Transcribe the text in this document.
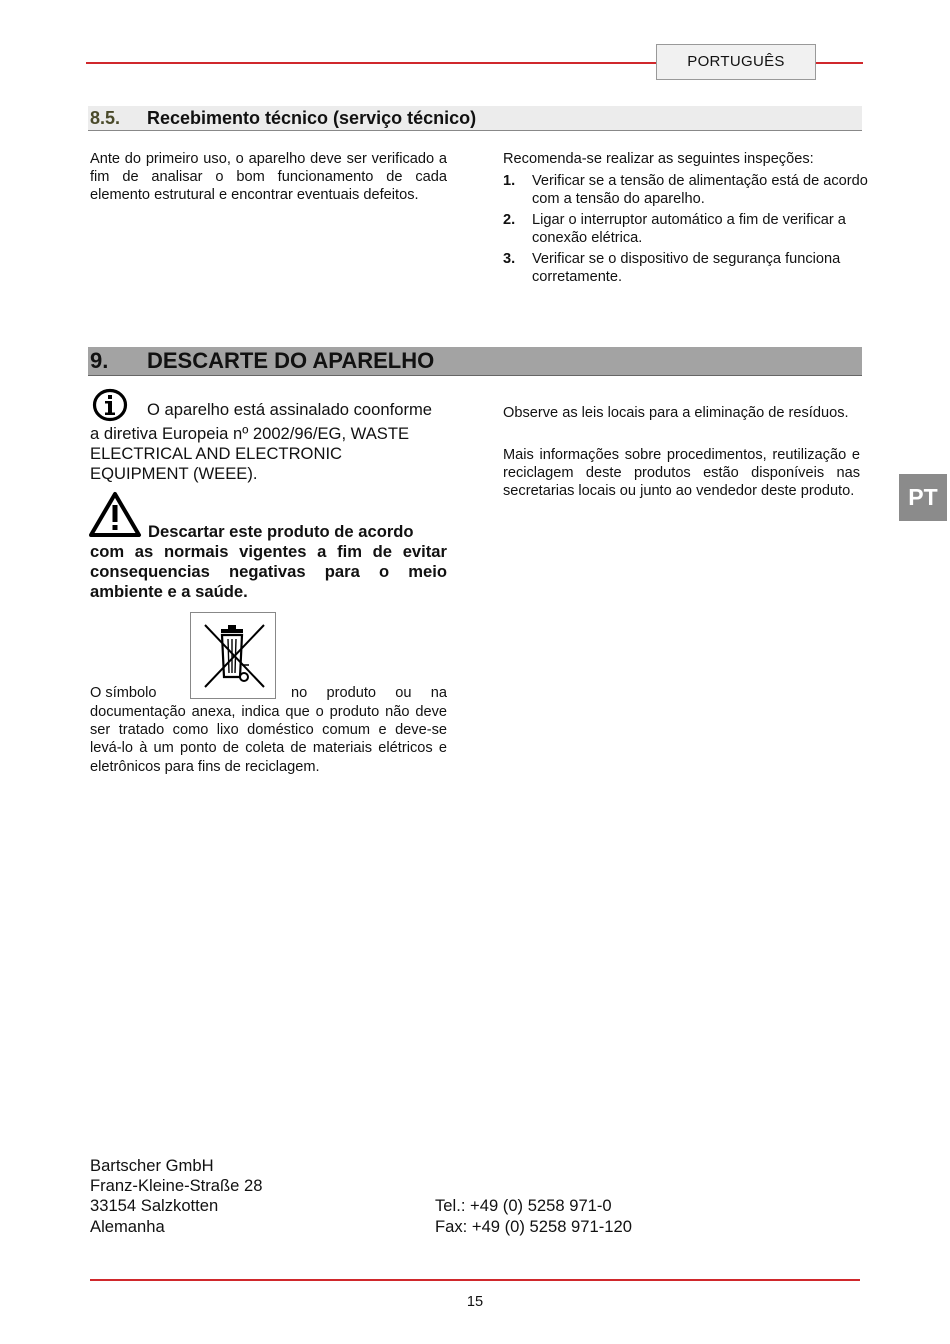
PORTUGUÊS
8.5. Recebimento técnico (serviço técnico)
Ante do primeiro uso, o aparelho deve ser verificado a fim de analisar o bom funcionamento de cada elemento estrutural e encontrar eventuais defeitos.
Recomenda-se realizar as seguintes inspeções:
1. Verificar se a tensão de alimentação está de acordo com a tensão do aparelho.
2. Ligar o interruptor automático a fim de verificar a conexão elétrica.
3. Verificar se o dispositivo de segurança funciona corretamente.
9. DESCARTE DO APARELHO
O aparelho está assinalado coonforme
a diretiva Europeia nº 2002/96/EG, WASTE ELECTRICAL AND ELECTRONIC EQUIPMENT (WEEE).
Descartar este produto de acordo
com as normais vigentes a fim de evitar consequencias negativas para o meio ambiente e a saúde.
O símbolo	no produto ou na
documentação anexa, indica que o produto não deve ser tratado como lixo doméstico comum e deve-se levá-lo à um ponto de coleta de materiais elétricos e eletrônicos para fins de reciclagem.
Observe as leis locais para a eliminação de resíduos.
Mais informações sobre procedimentos, reutilização e reciclagem deste produtos estão disponíveis nas secretarias locais ou junto ao vendedor deste produto.	PT
Bartscher GmbH
Franz-Kleine-Straße 28
33154 Salzkotten
Alemanha
Tel.: +49 (0) 5258 971-0
Fax: +49 (0) 5258 971-120
15
